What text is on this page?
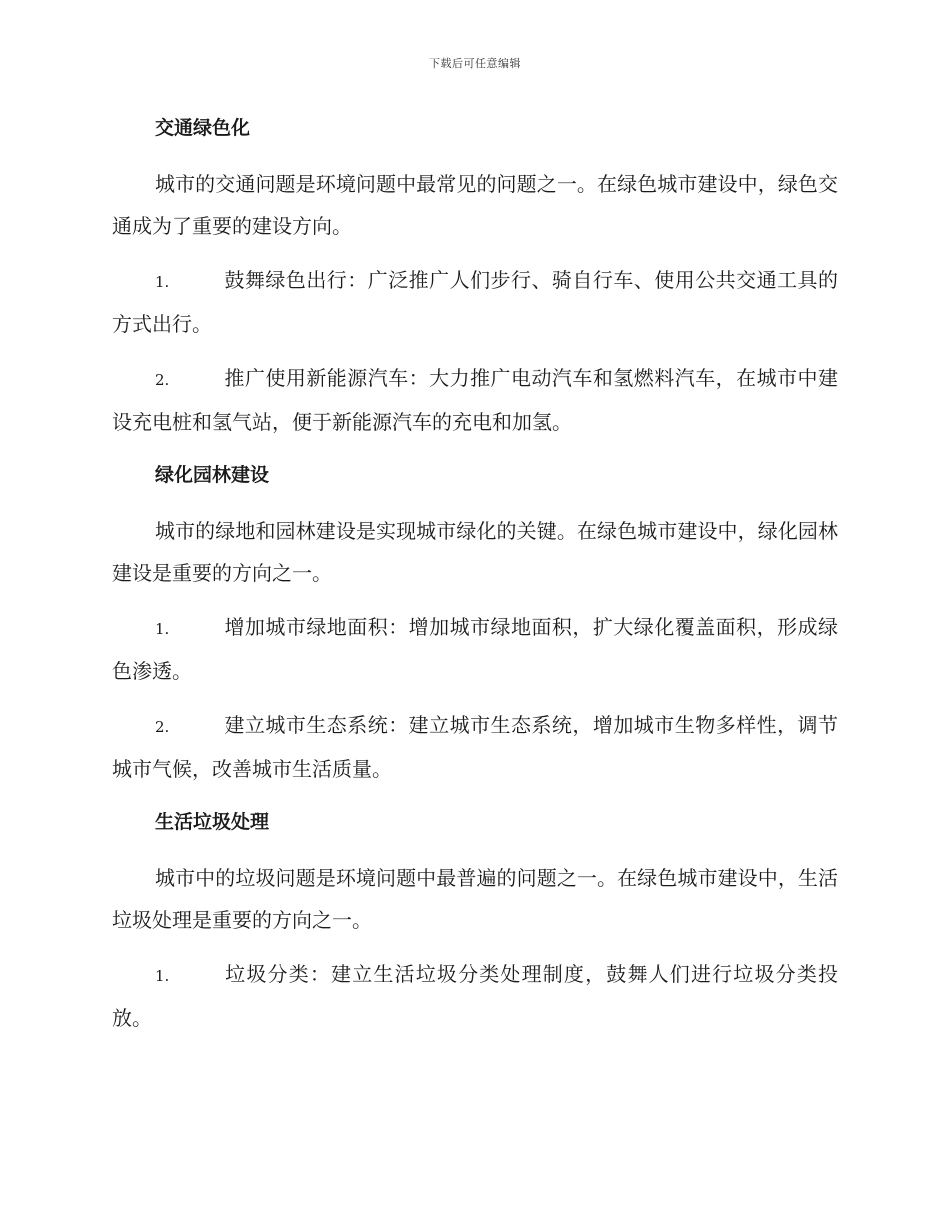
下载后可任意编辑
交通绿色化

城市的交通问题是环境问题中最常见的问题之一。在绿色城市建设中，绿色交通成为了重要的建设方向。

1.	鼓舞绿色出行：广泛推广人们步行、骑自行车、使用公共交通工具的方式出行。

2.	推广使用新能源汽车：大力推广电动汽车和氢燃料汽车，在城市中建设充电桩和氢气站，便于新能源汽车的充电和加氢。

绿化园林建设

城市的绿地和园林建设是实现城市绿化的关键。在绿色城市建设中，绿化园林建设是重要的方向之一。

1.	增加城市绿地面积：增加城市绿地面积，扩大绿化覆盖面积，形成绿色渗透。

2.	建立城市生态系统：建立城市生态系统，增加城市生物多样性，调节城市气候，改善城市生活质量。

生活垃圾处理

城市中的垃圾问题是环境问题中最普遍的问题之一。在绿色城市建设中，生活垃圾处理是重要的方向之一。

1.	垃圾分类：建立生活垃圾分类处理制度，鼓舞人们进行垃圾分类投放。
